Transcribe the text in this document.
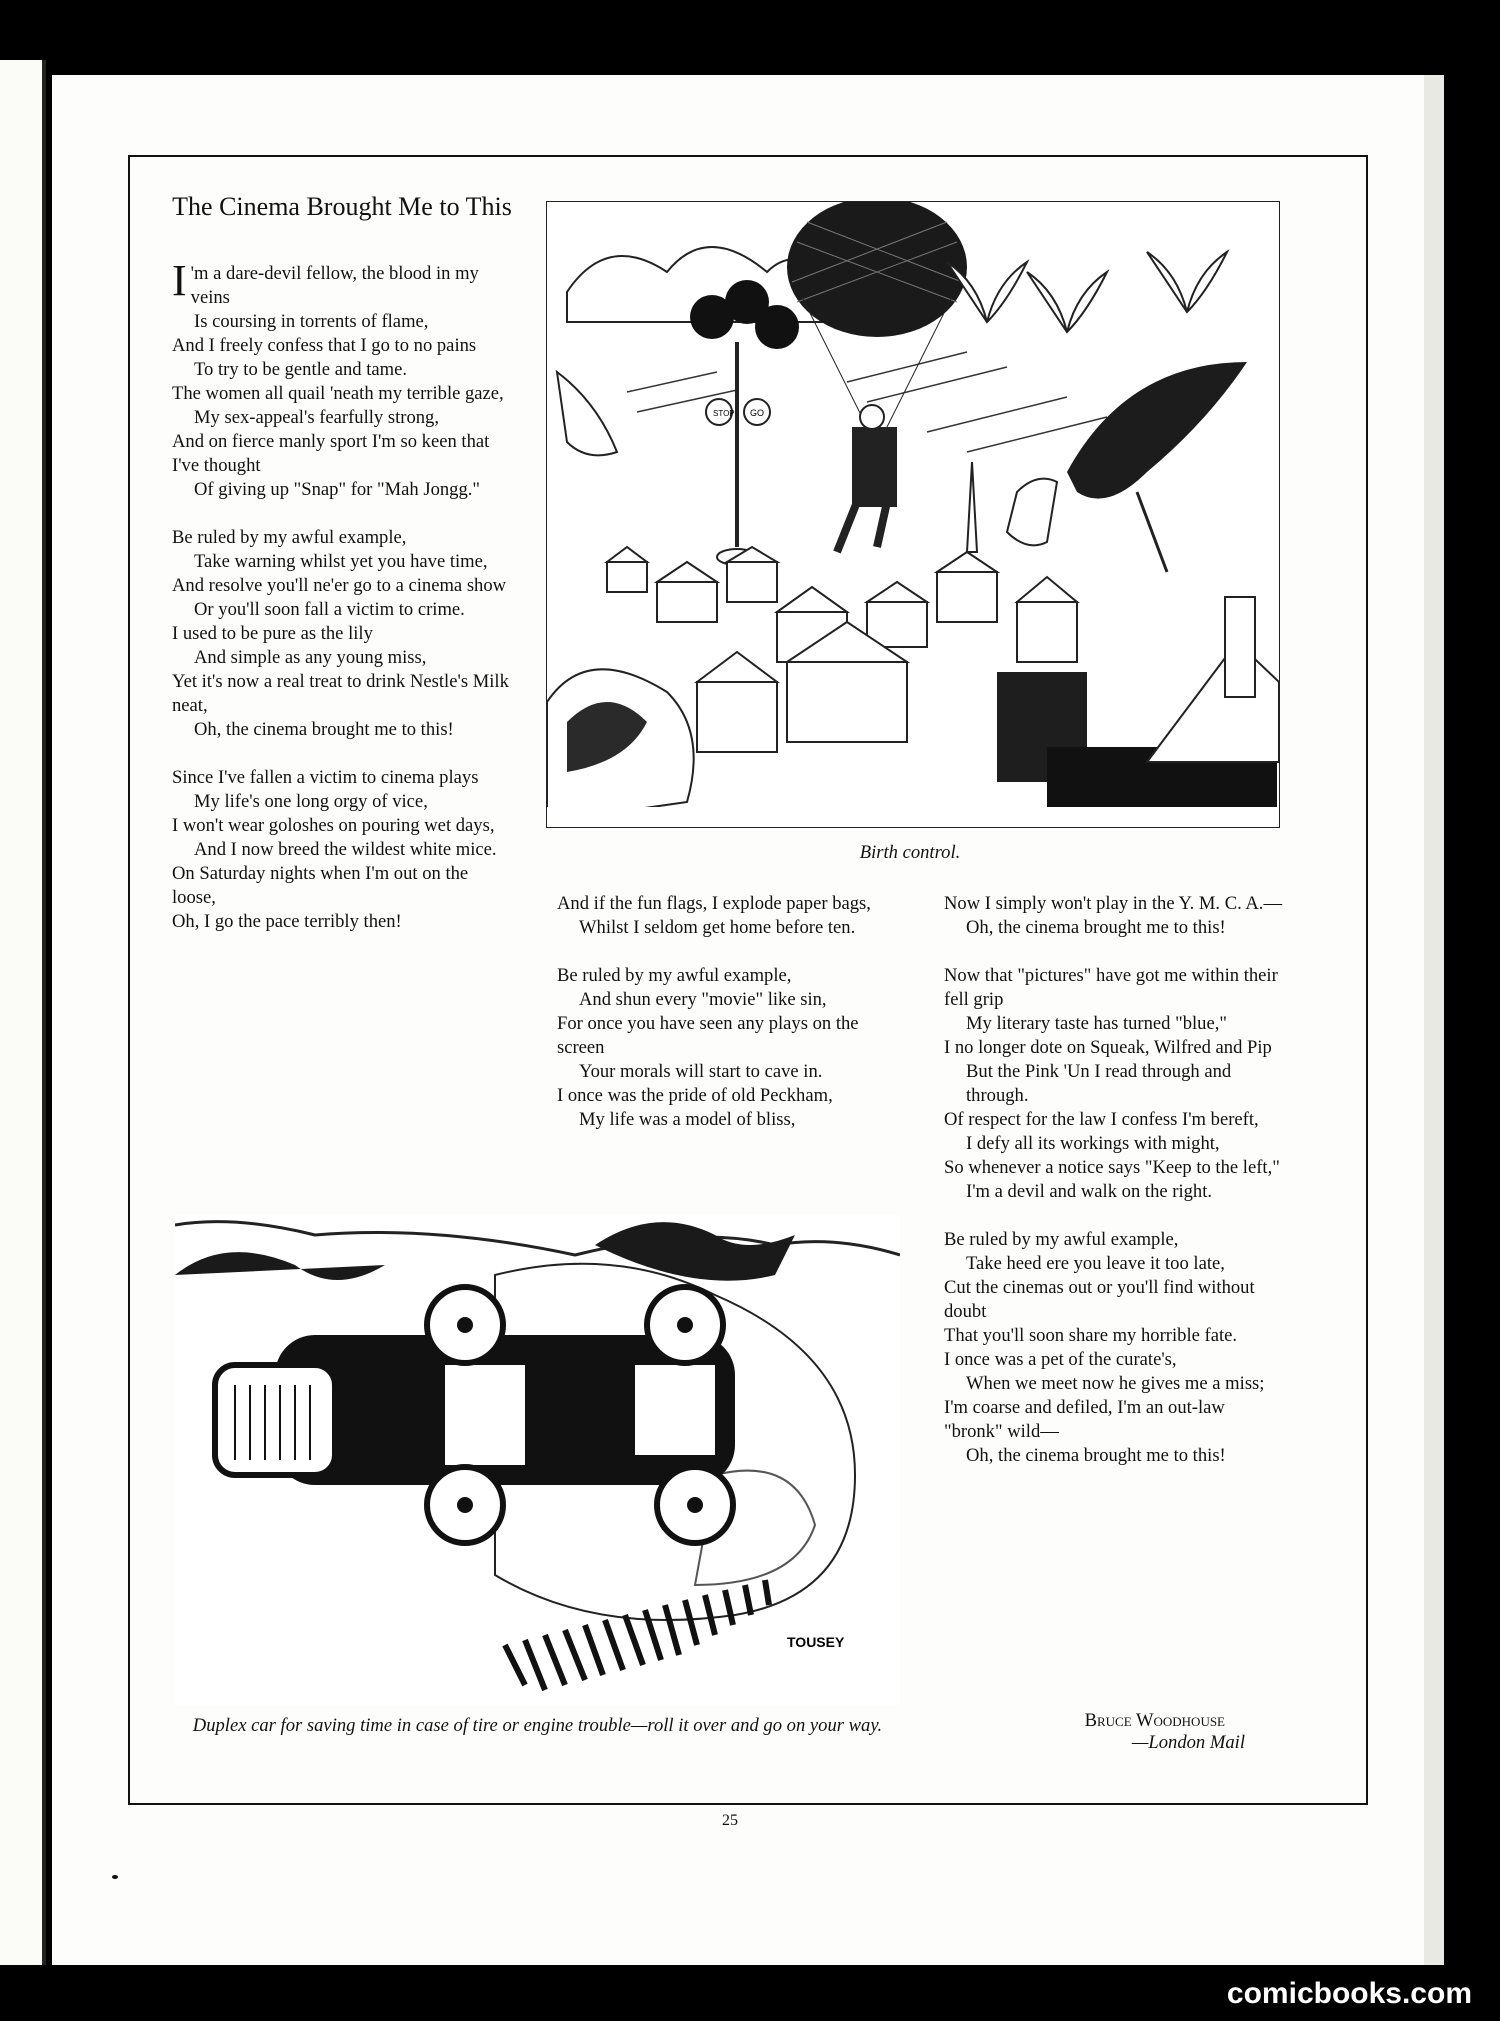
The Cinema Brought Me to This
I 'm a dare-devil fellow, the blood in my veins
Is coursing in torrents of flame,
And I freely confess that I go to no pains
To try to be gentle and tame.
The women all quail 'neath my terrible gaze,
My sex-appeal's fearfully strong,
And on fierce manly sport I'm so keen that I've thought
Of giving up "Snap" for "Mah Jongg."
Be ruled by my awful example,
Take warning whilst yet you have time,
And resolve you'll ne'er go to a cinema show
Or you'll soon fall a victim to crime.
I used to be pure as the lily
And simple as any young miss,
Yet it's now a real treat to drink Nestle's Milk neat,
Oh, the cinema brought me to this!
Since I've fallen a victim to cinema plays
My life's one long orgy of vice,
I won't wear goloshes on pouring wet days,
And I now breed the wildest white mice.
On Saturday nights when I'm out on the loose,
Oh, I go the pace terribly then!
And if the fun flags, I explode paper bags,
Whilst I seldom get home before ten.
Be ruled by my awful example,
And shun every "movie" like sin,
For once you have seen any plays on the screen
Your morals will start to cave in.
I once was the pride of old Peckham,
My life was a model of bliss,
Now I simply won't play in the Y. M. C. A.—
Oh, the cinema brought me to this!
Now that "pictures" have got me within their fell grip
My literary taste has turned "blue,"
I no longer dote on Squeak, Wilfred and Pip
But the Pink 'Un I read through and through.
Of respect for the law I confess I'm bereft,
I defy all its workings with might,
So whenever a notice says "Keep to the left,"
I'm a devil and walk on the right.
Be ruled by my awful example,
Take heed ere you leave it too late,
Cut the cinemas out or you'll find without doubt
That you'll soon share my horrible fate.
I once was a pet of the curate's,
When we meet now he gives me a miss;
I'm coarse and defiled, I'm an out-law "bronk" wild—
Oh, the cinema brought me to this!
STOP GO
Birth control.
TOUSEY
Duplex car for saving time in case of tire or engine trouble—roll it over and go on your way.	Bruce Woodhouse
—London Mail
25
comicbooks.com
